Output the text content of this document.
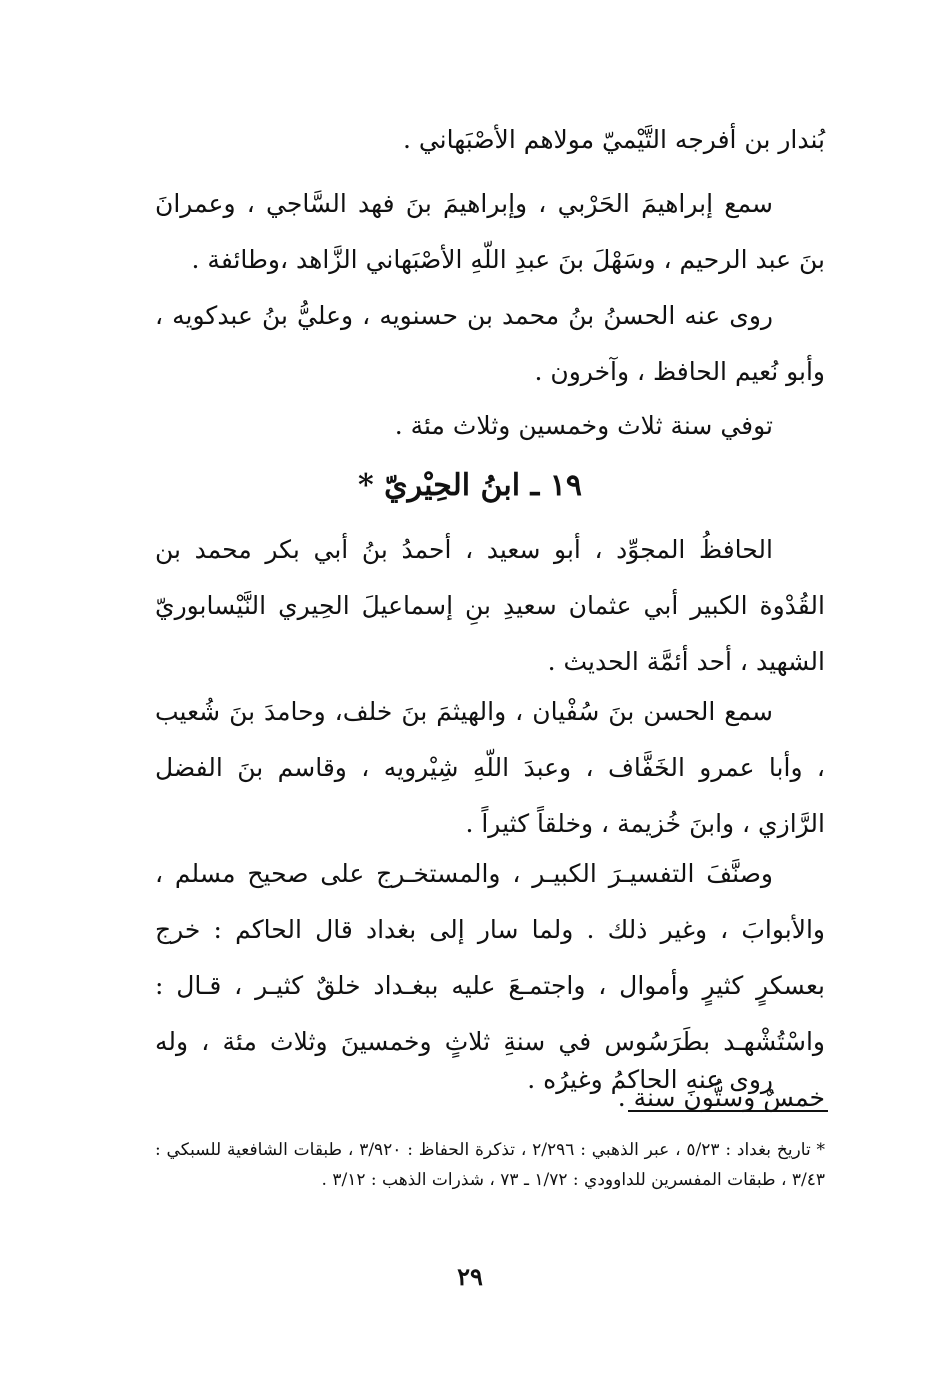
بُندار بن أفرجه التَّيْميّ مولاهم الأصْبَهاني .
سمع إبراهيمَ الحَرْبي ، وإبراهيمَ بنَ فهد السَّاجي ، وعمرانَ بنَ عبد الرحيم ، وسَهْلَ بنَ عبدِ اللّهِ الأصْبَهاني الزَّاهد ،وطائفة .
روى عنه الحسنُ بنُ محمد بن حسنويه ، وعليُّ بنُ عبدكويه ، وأبو نُعيم الحافظ ، وآخرون .
توفي سنة ثلاث وخمسين وثلاث مئة .
١٩ ـ ابنُ الحِيْريّ *
الحافظُ المجوِّد ، أبو سعيد ، أحمدُ بنُ أبي بكر محمد بن القُدْوة الكبير أبي عثمان سعيدِ بنِ إسماعيلَ الحِيري النَّيْسابوريّ الشهيد ، أحد أئمَّة الحديث .
سمع الحسن بنَ سُفْيان ، والهيثمَ بنَ خلف، وحامدَ بنَ شُعيب ، وأبا عمرو الخَفَّاف ، وعبدَ اللّهِ شِيْرويه ، وقاسم بنَ الفضل الرَّازي ، وابنَ خُزيمة ، وخلقاً كثيراً .
وصنَّفَ التفسيـرَ الكبيـر ، والمستخـرج على صحيح مسلم ، والأبوابَ ، وغير ذلك . ولما سار إلى بغداد قال الحاكم : خرج بعسكرٍ كثيرٍ وأموال ، واجتمـعَ عليه ببغـداد خلقٌ كثيـر ، قـال : واسْتُشْهـد بطَرَسُوس في سنةِ ثلاثٍ وخمسينَ وثلاث مئة ، وله خمسٌ وستُّونَ سنة .
روى عنه الحاكمُ وغيرُه .
* تاريخ بغداد : ٥/٢٣ ، عبر الذهبي : ٢/٢٩٦ ، تذكرة الحفاظ : ٣/٩٢٠ ، طبقات الشافعية للسبكي : ٣/٤٣ ، طبقات المفسرين للداوودي : ١/٧٢ ـ ٧٣ ، شذرات الذهب : ٣/١٢ .
٢٩
